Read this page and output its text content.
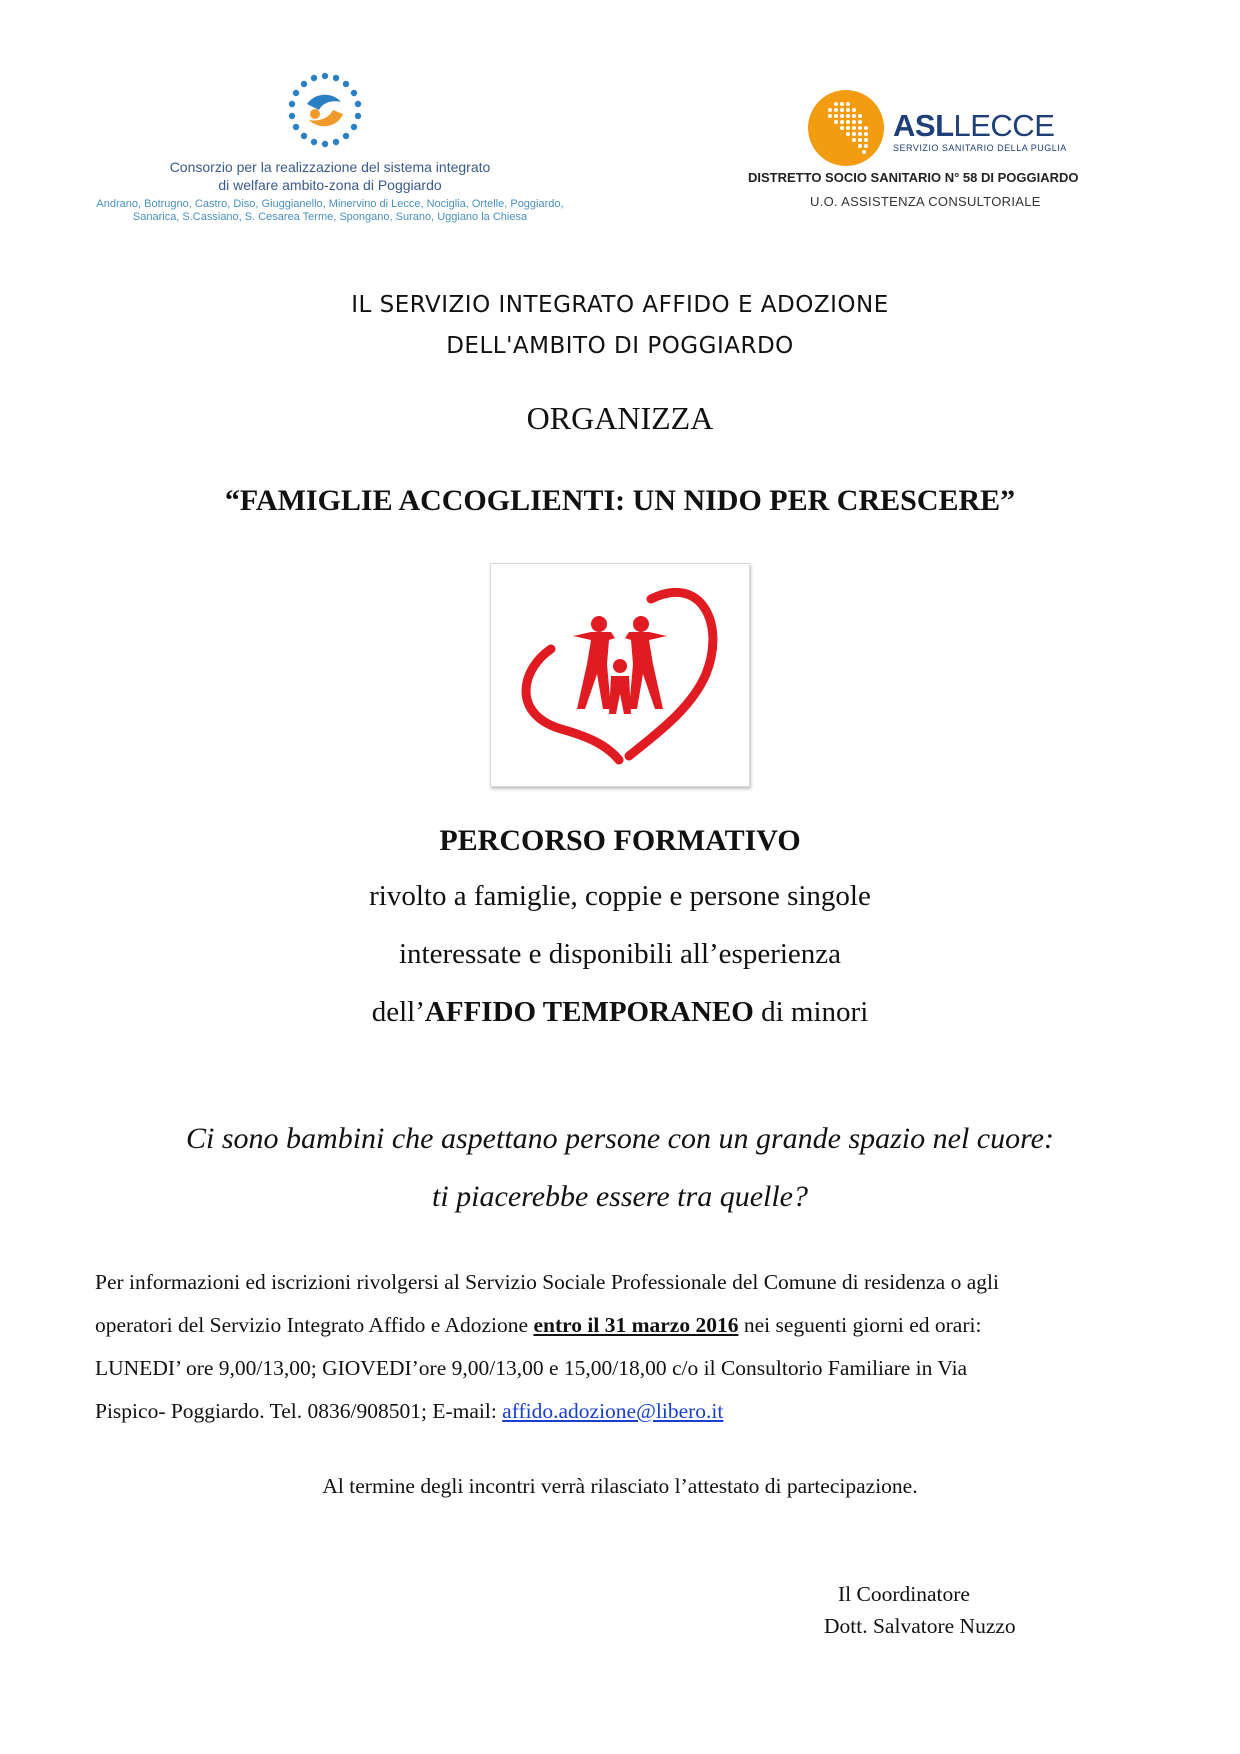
Consorzio per la realizzazione del sistema integrato
di welfare ambito-zona di Poggiardo
Andrano, Botrugno, Castro, Diso, Giuggianello, Minervino di Lecce, Nociglia, Ortelle, Poggiardo,
Sanarica, S.Cassiano, S. Cesarea Terme, Spongano, Surano, Uggiano la Chiesa
ASLLECCE
SERVIZIO SANITARIO DELLA PUGLIA
DISTRETTO SOCIO SANITARIO N° 58 DI POGGIARDO
U.O. ASSISTENZA CONSULTORIALE
IL SERVIZIO INTEGRATO AFFIDO E ADOZIONE
DELL'AMBITO DI POGGIARDO
ORGANIZZA
“FAMIGLIE ACCOGLIENTI: UN NIDO PER CRESCERE”
PERCORSO FORMATIVO
rivolto a famiglie, coppie e persone singole
interessate e disponibili all’esperienza
dell’AFFIDO TEMPORANEO di minori
Ci sono bambini che aspettano persone con un grande spazio nel cuore:
ti piacerebbe essere tra quelle?
Per informazioni ed iscrizioni rivolgersi al Servizio Sociale Professionale del Comune di residenza o agli
operatori del Servizio Integrato Affido e Adozione entro il 31 marzo 2016 nei seguenti giorni ed orari:
LUNEDI’ ore 9,00/13,00; GIOVEDI’ore 9,00/13,00 e 15,00/18,00 c/o il Consultorio Familiare in Via
Pispico- Poggiardo. Tel. 0836/908501; E-mail: affido.adozione@libero.it
Al termine degli incontri verrà rilasciato l’attestato di partecipazione.
Il Coordinatore
Dott. Salvatore Nuzzo
